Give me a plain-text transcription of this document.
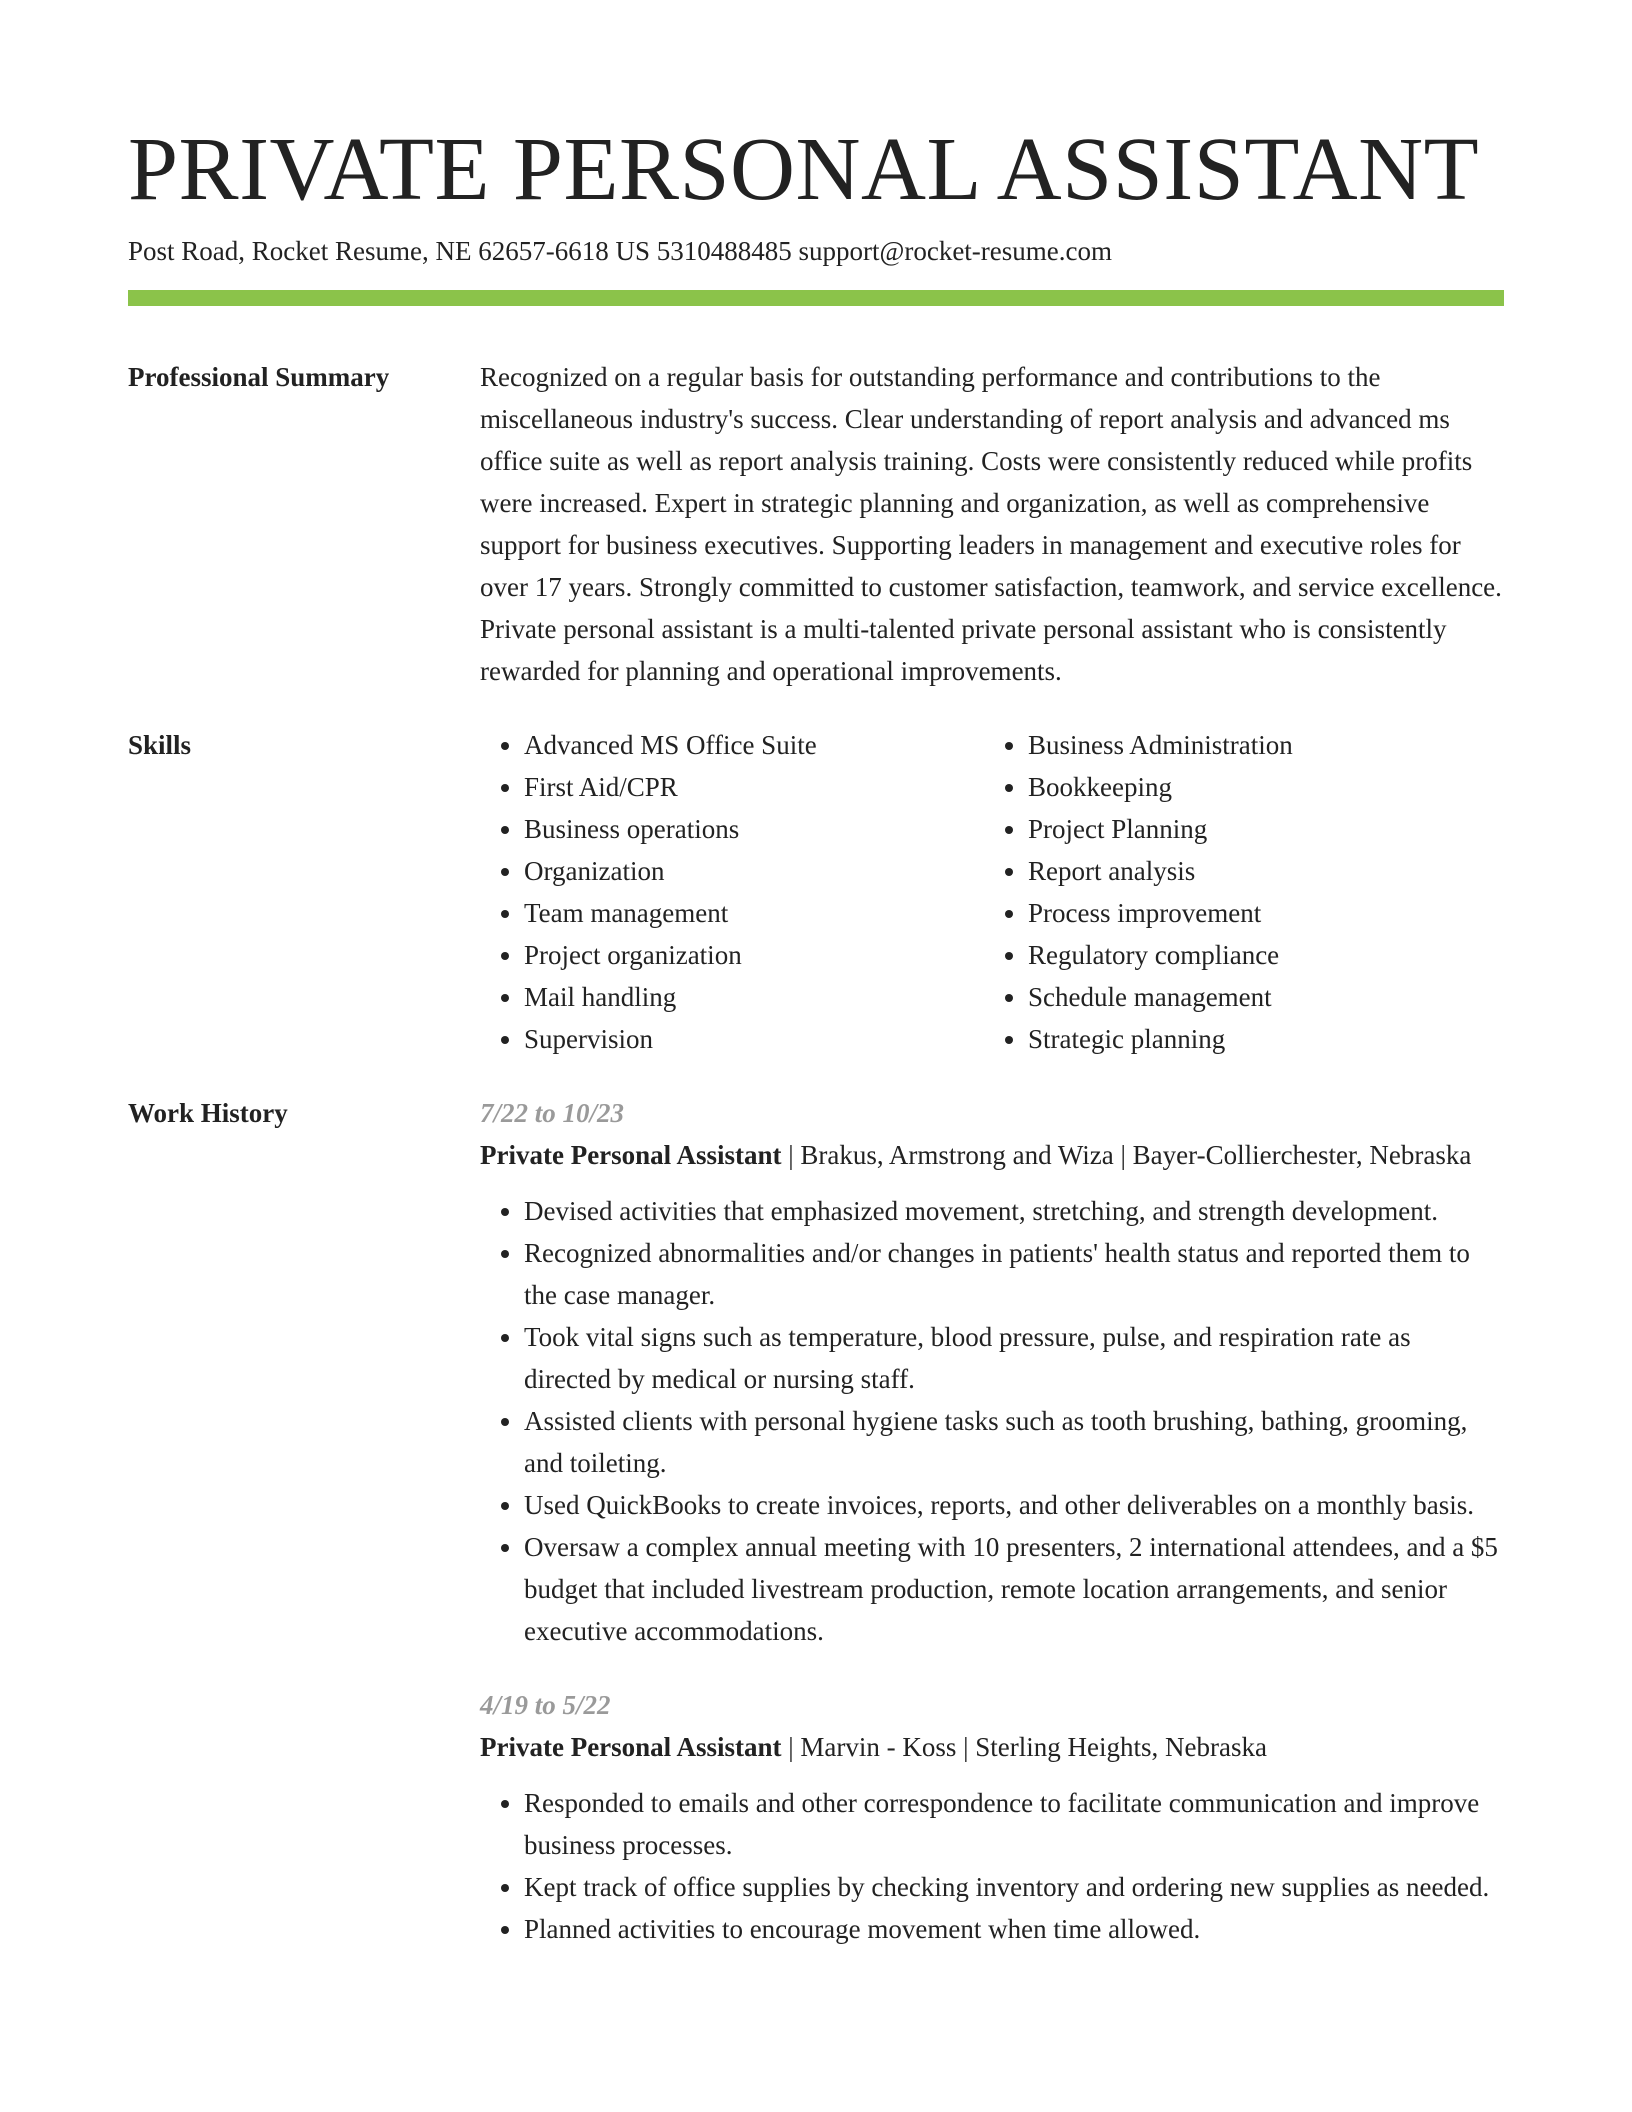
PRIVATE PERSONAL ASSISTANT
Post Road, Rocket Resume, NE 62657-6618 US 5310488485 support@rocket-resume.com
Professional Summary	Recognized on a regular basis for outstanding performance and contributions to the miscellaneous industry's success. Clear understanding of report analysis and advanced ms office suite as well as report analysis training. Costs were consistently reduced while profits were increased. Expert in strategic planning and organization, as well as comprehensive support for business executives. Supporting leaders in management and executive roles for over 17 years. Strongly committed to customer satisfaction, teamwork, and service excellence. Private personal assistant is a multi-talented private personal assistant who is consistently rewarded for planning and operational improvements.
Skills
•	Advanced MS Office Suite
• First Aid/CPR
• Business operations
• Organization
• Team management
• Project organization
• Mail handling
• Supervision
• Business Administration
• Bookkeeping
• Project Planning
• Report analysis
• Process improvement
• Regulatory compliance
• Schedule management
• Strategic planning
Work History	7/22 to 10/23
Private Personal Assistant | Brakus, Armstrong and Wiza | Bayer-Collierchester, Nebraska
• Devised activities that emphasized movement, stretching, and strength development.
• Recognized abnormalities and/or changes in patients' health status and reported them to the case manager.
• Took vital signs such as temperature, blood pressure, pulse, and respiration rate as directed by medical or nursing staff.
• Assisted clients with personal hygiene tasks such as tooth brushing, bathing, grooming, and toileting.
• Used QuickBooks to create invoices, reports, and other deliverables on a monthly basis.
• Oversaw a complex annual meeting with 10 presenters, 2 international attendees, and a $5 budget that included livestream production, remote location arrangements, and senior executive accommodations.
4/19 to 5/22
Private Personal Assistant | Marvin - Koss | Sterling Heights, Nebraska
• Responded to emails and other correspondence to facilitate communication and improve business processes.
• Kept track of office supplies by checking inventory and ordering new supplies as needed.
• Planned activities to encourage movement when time allowed.
